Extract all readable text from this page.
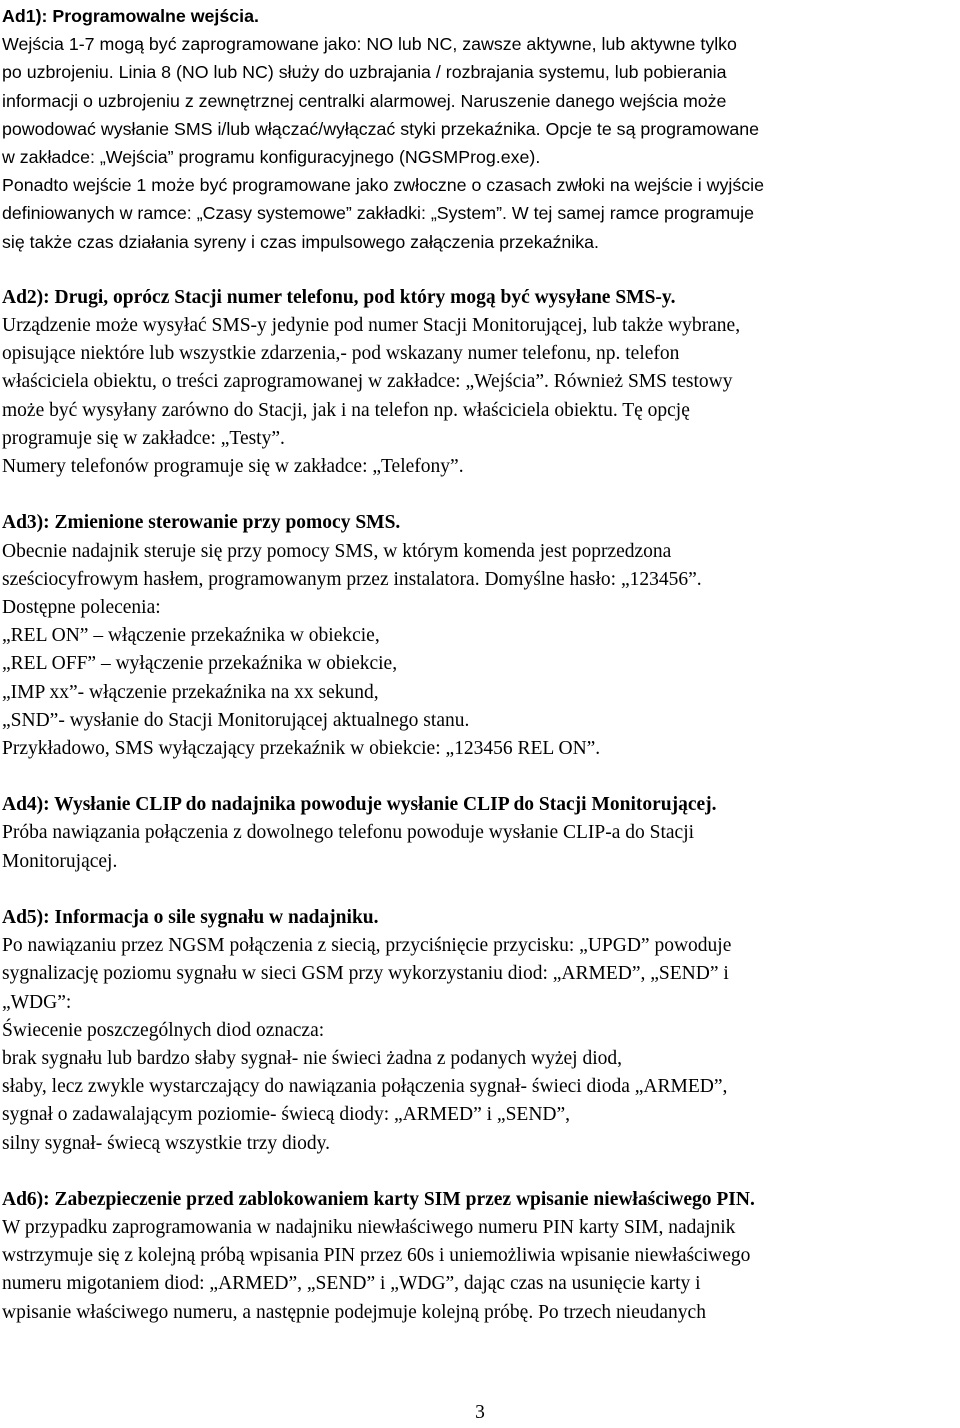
Ad1): Programowalne wejścia.
Wejścia 1-7 mogą być zaprogramowane jako: NO lub NC, zawsze aktywne, lub aktywne tylko
po uzbrojeniu. Linia 8 (NO lub NC) służy do uzbrajania / rozbrajania systemu, lub pobierania
informacji o uzbrojeniu z zewnętrznej centralki alarmowej. Naruszenie danego wejścia może
powodować wysłanie SMS i/lub włączać/wyłączać styki przekaźnika. Opcje te są programowane
w zakładce: „Wejścia” programu konfiguracyjnego (NGSMProg.exe).
Ponadto wejście 1 może być programowane jako zwłoczne o czasach zwłoki na wejście i wyjście
definiowanych w ramce: „Czasy systemowe” zakładki: „System”. W tej samej ramce programuje
się także czas działania syreny i czas impulsowego załączenia przekaźnika.
Ad2): Drugi, oprócz Stacji numer telefonu, pod który mogą być wysyłane SMS-y.
Urządzenie może wysyłać SMS-y jedynie pod numer Stacji Monitorującej, lub także wybrane,
opisujące niektóre lub wszystkie zdarzenia,- pod wskazany numer telefonu, np. telefon
właściciela obiektu, o treści zaprogramowanej w zakładce: „Wejścia”. Również SMS testowy
może być wysyłany zarówno do Stacji, jak i na telefon np. właściciela obiektu. Tę opcję
programuje się w zakładce: „Testy”.
Numery telefonów programuje się w zakładce: „Telefony”.
Ad3): Zmienione sterowanie przy pomocy SMS.
Obecnie nadajnik steruje się przy pomocy SMS, w którym komenda jest poprzedzona
sześciocyfrowym hasłem, programowanym przez instalatora. Domyślne hasło: „123456”.
Dostępne polecenia:
„REL ON” – włączenie przekaźnika w obiekcie,
„REL OFF” – wyłączenie przekaźnika w obiekcie,
„IMP xx”- włączenie przekaźnika na xx sekund,
„SND”- wysłanie do Stacji Monitorującej aktualnego stanu.
Przykładowo, SMS wyłączający przekaźnik w obiekcie: „123456 REL ON”.
Ad4): Wysłanie CLIP do nadajnika powoduje wysłanie CLIP do Stacji Monitorującej.
Próba nawiązania połączenia z dowolnego telefonu powoduje wysłanie CLIP-a do Stacji
Monitorującej.
Ad5): Informacja o sile sygnału w nadajniku.
Po nawiązaniu przez NGSM połączenia z siecią, przyciśnięcie przycisku: „UPGD” powoduje
sygnalizację poziomu sygnału w sieci GSM przy wykorzystaniu diod: „ARMED”, „SEND” i
„WDG”:
Świecenie poszczególnych diod oznacza:
brak sygnału lub bardzo słaby sygnał- nie świeci żadna z podanych wyżej diod,
słaby, lecz zwykle wystarczający do nawiązania połączenia sygnał- świeci dioda „ARMED”,
sygnał o zadawalającym poziomie- świecą diody: „ARMED” i „SEND”,
silny sygnał- świecą wszystkie trzy diody.
Ad6): Zabezpieczenie przed zablokowaniem karty SIM przez wpisanie niewłaściwego PIN.
W przypadku zaprogramowania w nadajniku niewłaściwego numeru PIN karty SIM, nadajnik
wstrzymuje się z kolejną próbą wpisania PIN przez 60s i uniemożliwia wpisanie niewłaściwego
numeru migotaniem diod: „ARMED”, „SEND” i „WDG”, dając czas na usunięcie karty i
wpisanie właściwego numeru, a następnie podejmuje kolejną próbę. Po trzech nieudanych
3
